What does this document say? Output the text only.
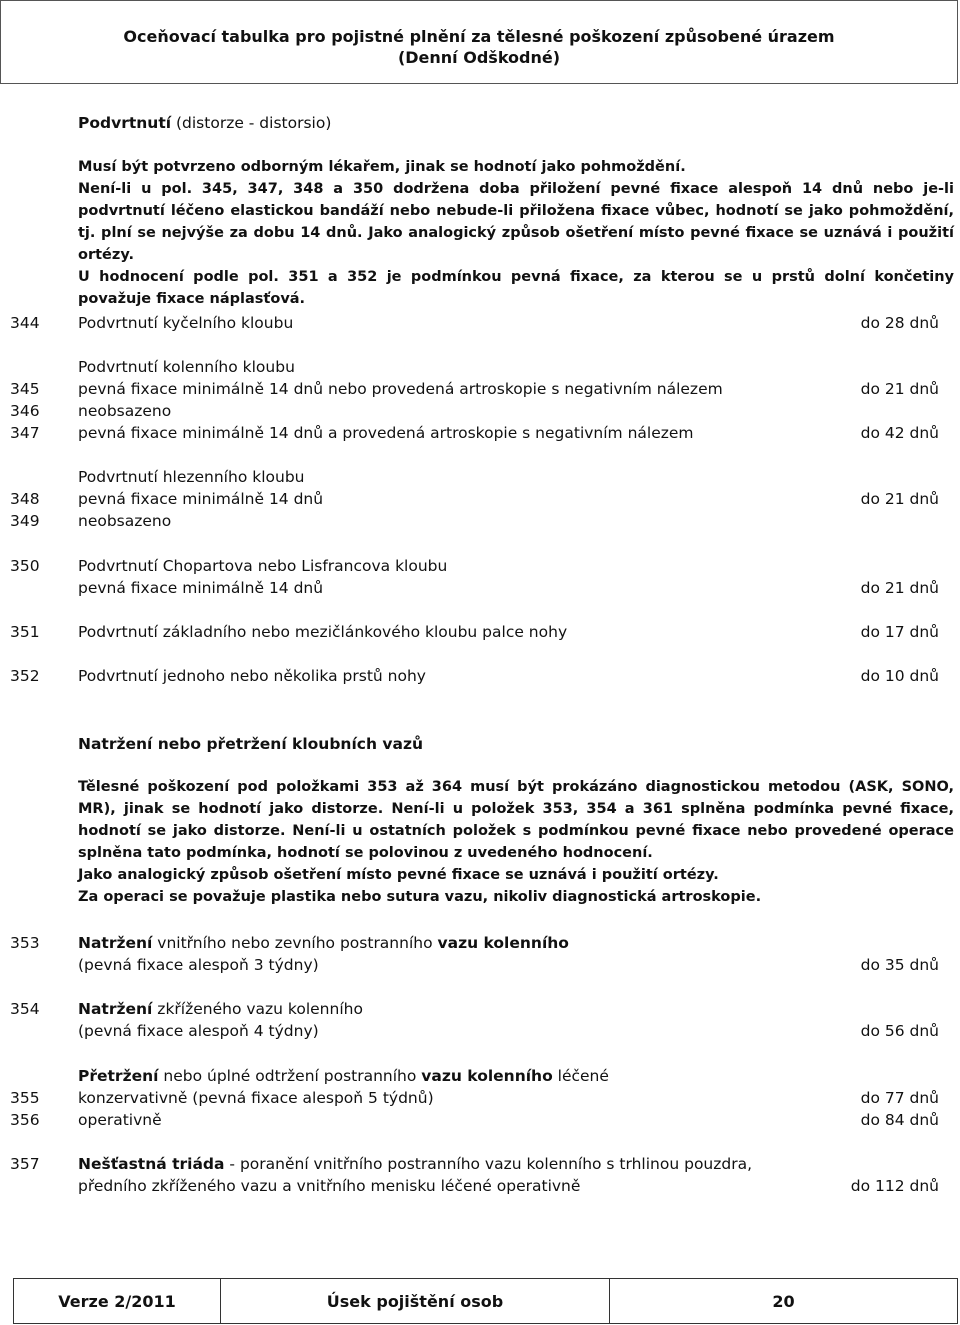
Oceňovací tabulka pro pojistné plnění za tělesné poškození způsobené úrazem
(Denní Odškodné)
Podvrtnutí (distorze - distorsio)

Musí být potvrzeno odborným lékařem, jinak se hodnotí jako pohmoždění.

Není-li u pol. 345, 347, 348 a 350 dodržena doba přiložení pevné fixace alespoň 14 dnů nebo je-li podvrtnutí léčeno elastickou bandáží nebo nebude-li přiložena fixace vůbec, hodnotí se jako pohmoždění, tj. plní se nejvýše za dobu 14 dnů. Jako analogický způsob ošetření místo pevné fixace se uznává i použití ortézy.

U hodnocení podle pol. 351 a 352 je podmínkou pevná fixace, za kterou se u prstů dolní končetiny považuje fixace náplasťová.

344 Podvrtnutí kyčelního kloubu	do 28 dnů
Podvrtnutí kolenního kloubu
345 pevná fixace minimálně 14 dnů nebo provedená artroskopie s negativním nálezem	do 21 dnů
346 neobsazeno
347 pevná fixace minimálně 14 dnů a provedená artroskopie s negativním nálezem	do 42 dnů
Podvrtnutí hlezenního kloubu
348 pevná fixace minimálně 14 dnů	do 21 dnů
349 neobsazeno
350 Podvrtnutí Chopartova nebo Lisfrancova kloubu
pevná fixace minimálně 14 dnů	do 21 dnů
351 Podvrtnutí základního nebo mezičlánkového kloubu palce nohy	do 17 dnů
352 Podvrtnutí jednoho nebo několika prstů nohy	do 10 dnů
Natržení nebo přetržení kloubních vazů

Tělesné poškození pod položkami 353 až 364 musí být prokázáno diagnostickou metodou (ASK, SONO, MR), jinak se hodnotí jako distorze. Není-li u položek 353, 354 a 361 splněna podmínka pevné fixace, hodnotí se jako distorze. Není-li u ostatních položek s podmínkou pevné fixace nebo provedené operace splněna tato podmínka, hodnotí se polovinou z uvedeného hodnocení.

Jako analogický způsob ošetření místo pevné fixace se uznává i použití ortézy.

Za operaci se považuje plastika nebo sutura vazu, nikoliv diagnostická artroskopie.

353 Natržení vnitřního nebo zevního postranního vazu kolenního
(pevná fixace alespoň 3 týdny)	do 35 dnů
354 Natržení zkříženého vazu kolenního
(pevná fixace alespoň 4 týdny)	do 56 dnů
Přetržení nebo úplné odtržení postranního vazu kolenního léčené
355 konzervativně (pevná fixace alespoň 5 týdnů)	do 77 dnů
356 operativně	do 84 dnů
357 Nešťastná triáda - poranění vnitřního postranního vazu kolenního s trhlinou pouzdra,
předního zkříženého vazu a vnitřního menisku léčené operativně	do 112 dnů
Verze 2/2011	Úsek pojištění osob	20
